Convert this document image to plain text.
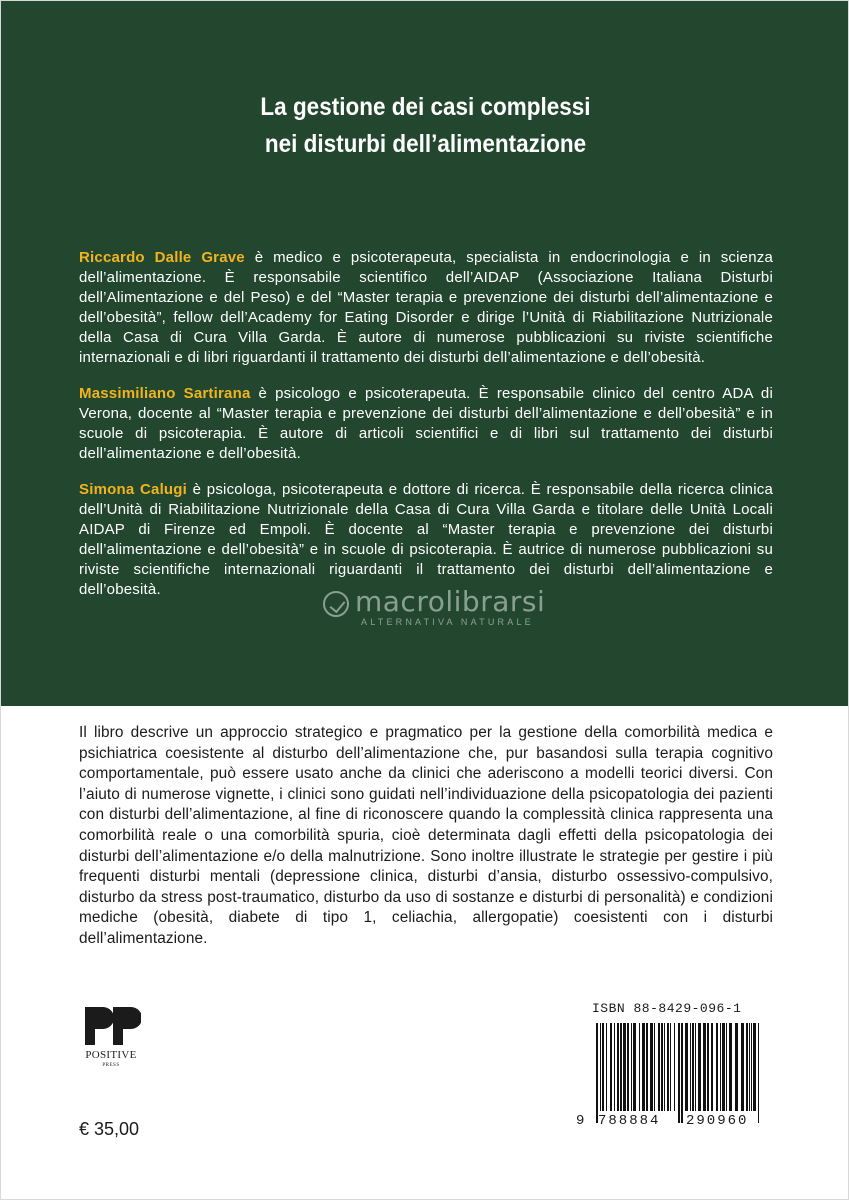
La gestione dei casi complessi
nei disturbi dell’alimentazione

Riccardo Dalle Grave è medico e psicoterapeuta, specialista in endocrinologia e in scienza dell’alimentazione. È responsabile scientifico dell’AIDAP (Associazione Italiana Disturbi dell’Alimentazione e del Peso) e del “Master terapia e prevenzione dei disturbi dell’alimentazione e dell’obesità”, fellow dell’Academy for Eating Disorder e dirige l’Unità di Riabilitazione Nutrizionale della Casa di Cura Villa Garda. È autore di numerose pubblicazioni su riviste scientifiche internazionali e di libri riguardanti il trattamento dei disturbi dell’alimentazione e dell’obesità.

Massimiliano Sartirana è psicologo e psicoterapeuta. È responsabile clinico del centro ADA di Verona, docente al “Master terapia e prevenzione dei disturbi dell’alimentazione e dell’obesità” e in scuole di psicoterapia. È autore di articoli scientifici e di libri sul trattamento dei disturbi dell’alimentazione e dell’obesità.

Simona Calugi è psicologa, psicoterapeuta e dottore di ricerca. È responsabile della ricerca clinica dell’Unità di Riabilitazione Nutrizionale della Casa di Cura Villa Garda e titolare delle Unità Locali AIDAP di Firenze ed Empoli. È docente al “Master terapia e prevenzione dei disturbi dell’alimentazione e dell’obesità” e in scuole di psicoterapia. È autrice di numerose pubblicazioni su riviste scientifiche internazionali riguardanti il trattamento dei disturbi dell’alimentazione e dell’obesità.	macrolibrarsi
ALTERNATIVA NATURALE
Il libro descrive un approccio strategico e pragmatico per la gestione della comorbilità medica e psichiatrica coesistente al disturbo dell’alimentazione che, pur basandosi sulla terapia cognitivo comportamentale, può essere usato anche da clinici che aderiscono a modelli teorici diversi. Con l’aiuto di numerose vignette, i clinici sono guidati nell’individuazione della psicopatologia dei pazienti con disturbi dell’alimentazione, al fine di riconoscere quando la complessità clinica rappresenta una comorbilità reale o una comorbilità spuria, cioè determinata dagli effetti della psicopatologia dei disturbi dell’alimentazione e/o della malnutrizione. Sono inoltre illustrate le strategie per gestire i più frequenti disturbi mentali (depressione clinica, disturbi d’ansia, disturbo ossessivo-compulsivo, disturbo da stress post-traumatico, disturbo da uso di sostanze e disturbi di personalità) e condizioni mediche (obesità, diabete di tipo 1, celiachia, allergopatie) coesistenti con i disturbi dell’alimentazione.
POSITIVE
PRESS
€ 35,00
ISBN 88-8429-096-1
9 788884 290960
